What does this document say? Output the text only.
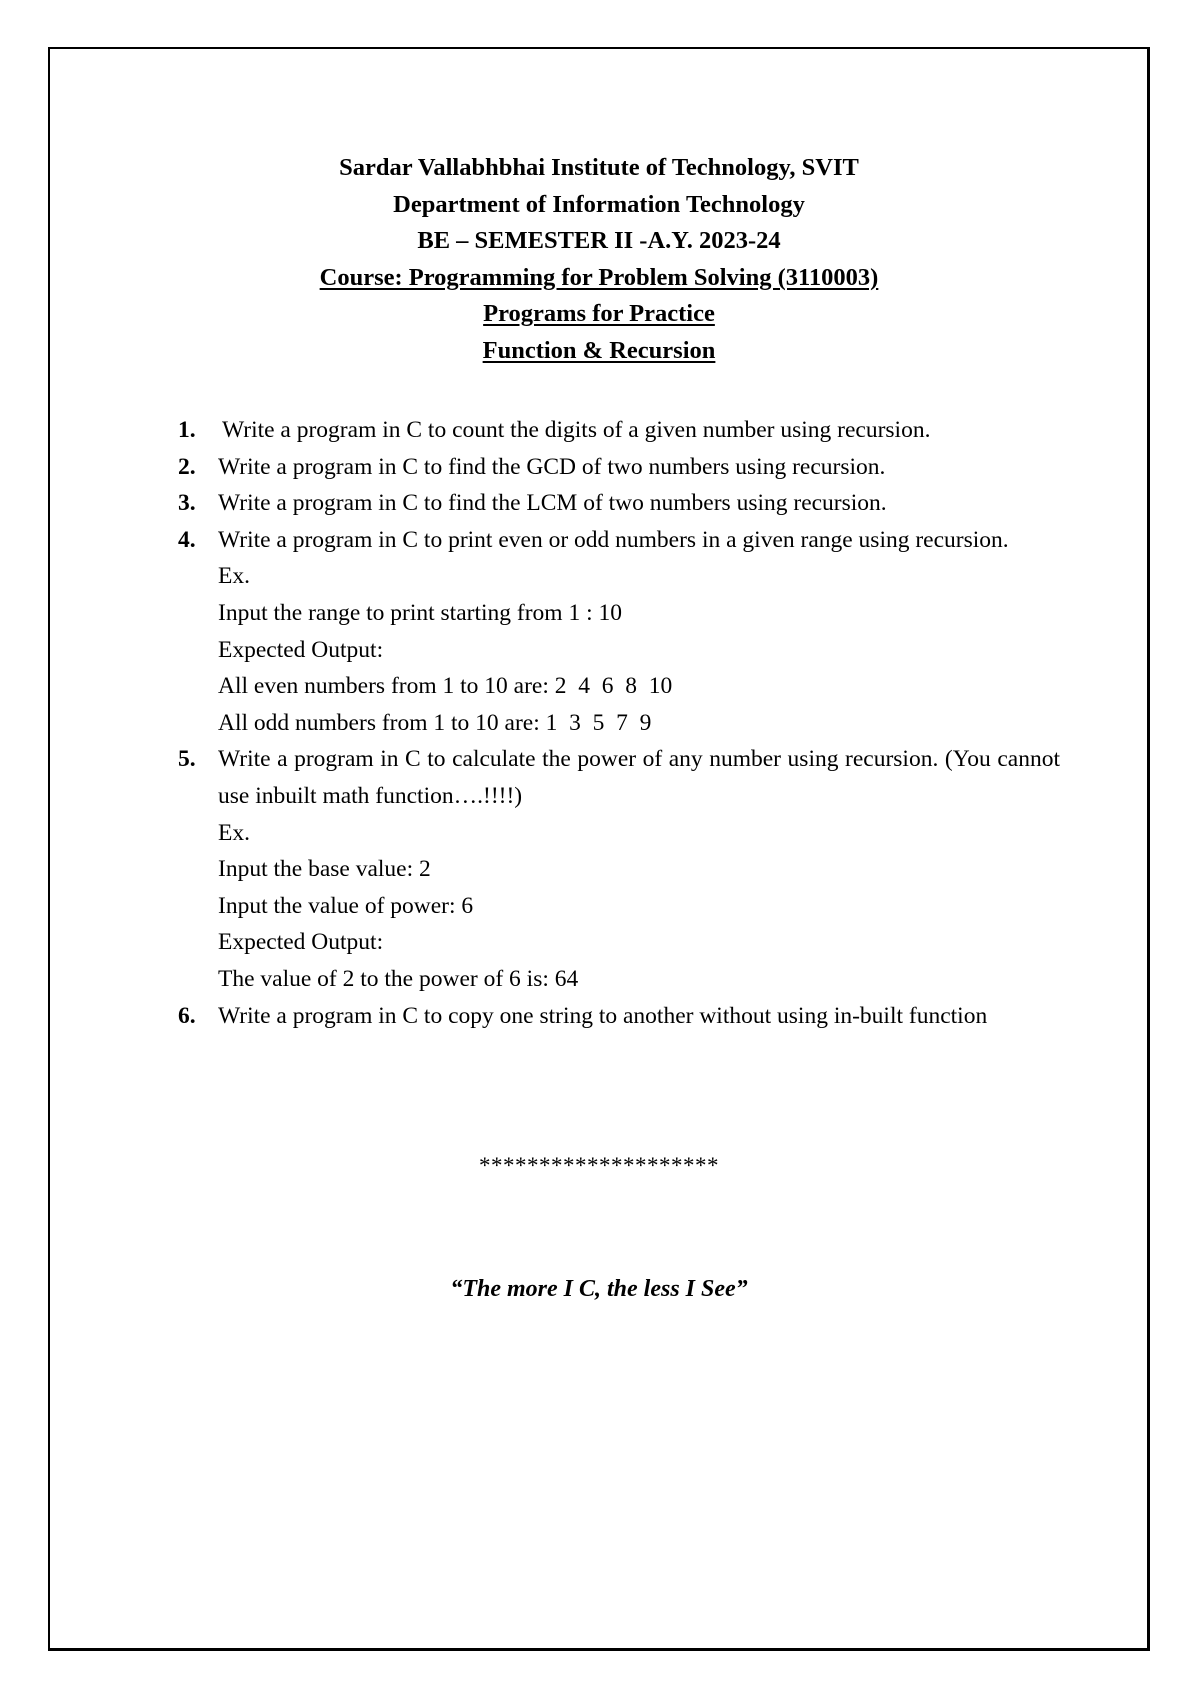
Sardar Vallabhbhai Institute of Technology, SVIT
Department of Information Technology
BE – SEMESTER II -A.Y. 2023-24
Course: Programming for Problem Solving (3110003)
Programs for Practice
Function & Recursion
1. Write a program in C to count the digits of a given number using recursion.
2. Write a program in C to find the GCD of two numbers using recursion.
3. Write a program in C to find the LCM of two numbers using recursion.
4. Write a program in C to print even or odd numbers in a given range using recursion.
Ex.
Input the range to print starting from 1 : 10
Expected Output:
All even numbers from 1 to 10 are: 2  4  6  8  10
All odd numbers from 1 to 10 are: 1  3  5  7  9
5. Write a program in C to calculate the power of any number using recursion. (You cannot use inbuilt math function….!!!!)
Ex.
Input the base value: 2
Input the value of power: 6
Expected Output:
The value of 2 to the power of 6 is: 64
6. Write a program in C to copy one string to another without using in-built function
********************
“The more I C, the less I See”
